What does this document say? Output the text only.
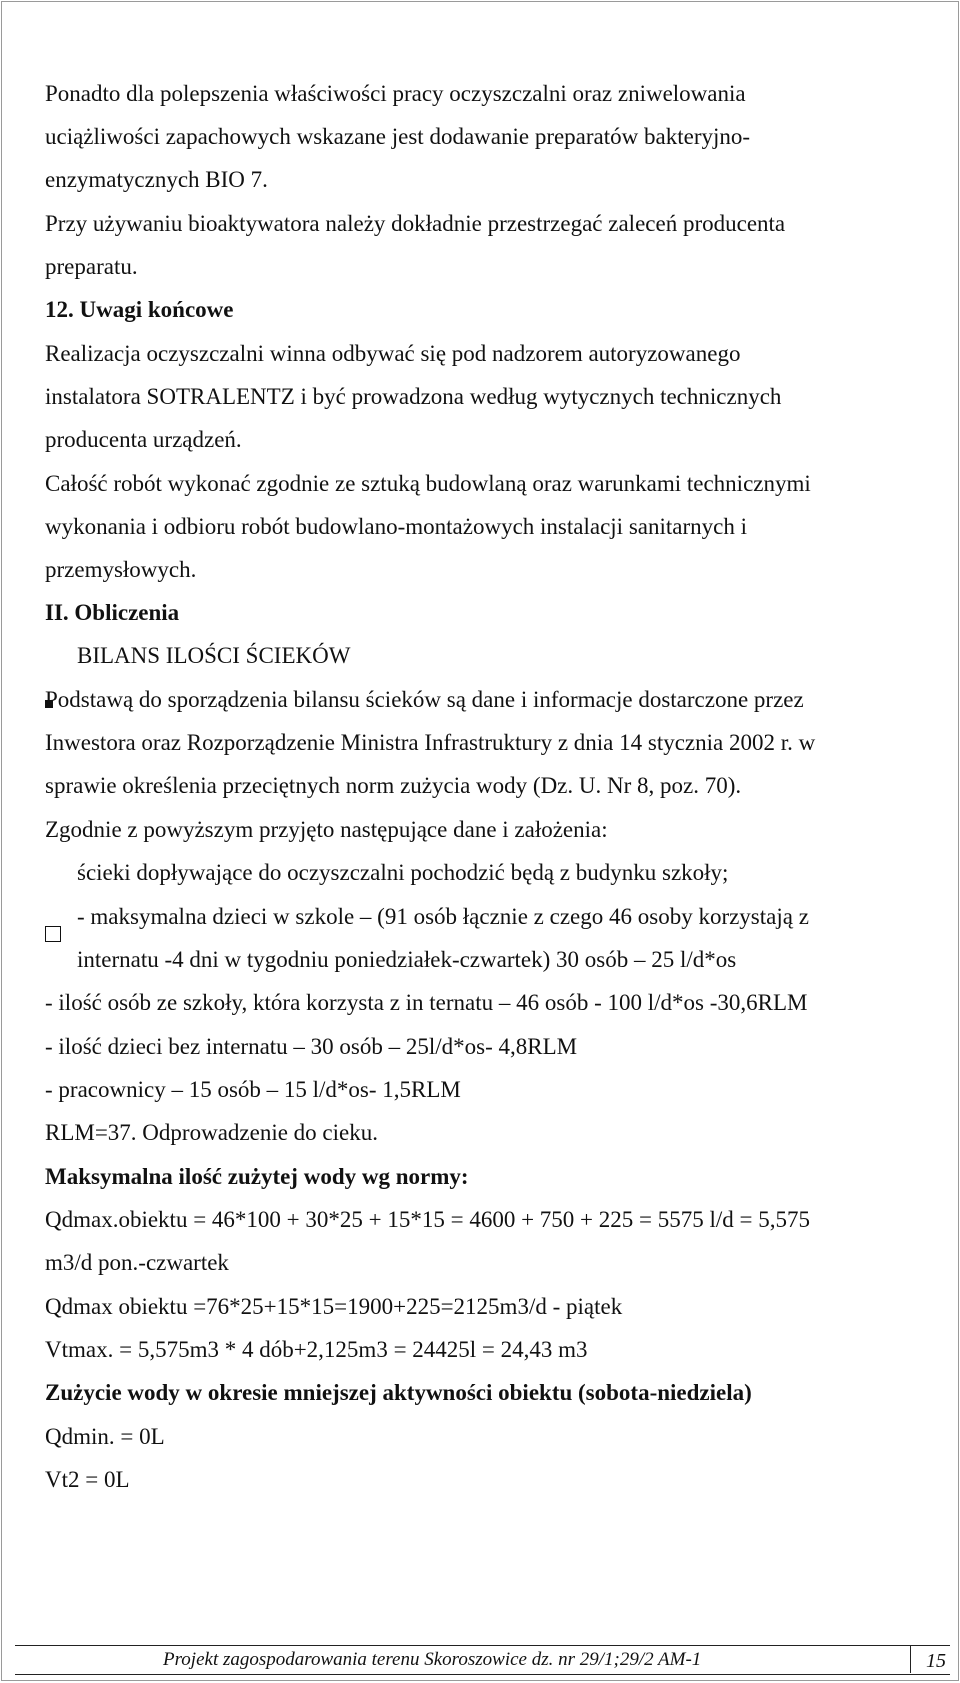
Ponadto dla polepszenia właściwości pracy oczyszczalni oraz zniwelowania
uciążliwości zapachowych wskazane jest dodawanie preparatów bakteryjno-
enzymatycznych BIO 7.
Przy używaniu bioaktywatora należy dokładnie przestrzegać zaleceń producenta
preparatu.
12. Uwagi końcowe
Realizacja oczyszczalni winna odbywać się pod nadzorem autoryzowanego
instalatora SOTRALENTZ i być prowadzona według wytycznych technicznych
producenta urządzeń.
Całość robót wykonać zgodnie ze sztuką budowlaną oraz warunkami technicznymi
wykonania i odbioru robót budowlano-montażowych instalacji sanitarnych i
przemysłowych.
II. Obliczenia
BILANS ILOŚCI ŚCIEKÓW
Podstawą do sporządzenia bilansu ścieków są dane i informacje dostarczone przez
Inwestora oraz Rozporządzenie Ministra Infrastruktury z dnia 14 stycznia 2002 r. w
sprawie określenia przeciętnych norm zużycia wody (Dz. U. Nr 8, poz. 70).
Zgodnie z powyższym przyjęto następujące dane i założenia:
ścieki dopływające do oczyszczalni pochodzić będą z budynku szkoły;
- maksymalna dzieci w szkole – (91 osób łącznie z czego 46 osoby korzystają z
internatu -4 dni w tygodniu poniedziałek-czwartek) 30 osób – 25 l/d*os
- ilość osób ze szkoły, która korzysta z in ternatu – 46 osób - 100 l/d*os -30,6RLM
- ilość dzieci bez internatu – 30 osób – 25l/d*os- 4,8RLM
- pracownicy – 15 osób – 15 l/d*os- 1,5RLM
RLM=37. Odprowadzenie do cieku.
Maksymalna ilość zużytej wody wg normy:
Qdmax.obiektu = 46*100 + 30*25 + 15*15 = 4600 + 750 + 225 = 5575 l/d = 5,575
m3/d pon.-czwartek
Qdmax obiektu =76*25+15*15=1900+225=2125m3/d - piątek
Vtmax. = 5,575m3 * 4 dób+2,125m3 = 24425l = 24,43 m3
Zużycie wody w okresie mniejszej aktywności obiektu (sobota-niedziela)
Qdmin. = 0L
Vt2 = 0L
Projekt zagospodarowania terenu Skoroszowice dz. nr 29/1;29/2 AM-1	15
